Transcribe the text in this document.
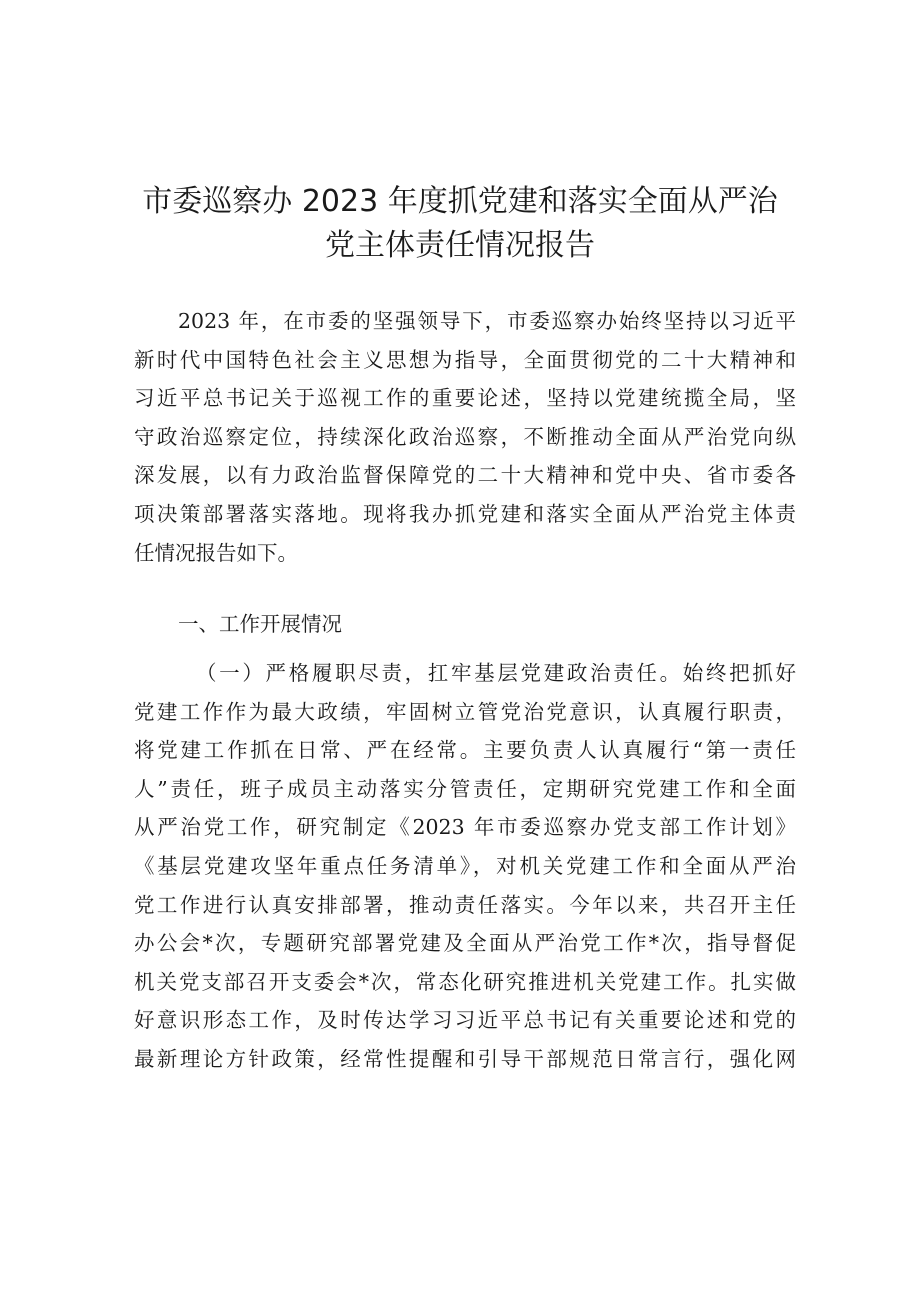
市委巡察办 2023 年度抓党建和落实全面从严治
党主体责任情况报告
2023 年，在市委的坚强领导下，市委巡察办始终坚持以习近平
新时代中国特色社会主义思想为指导，全面贯彻党的二十大精神和
习近平总书记关于巡视工作的重要论述，坚持以党建统揽全局，坚
守政治巡察定位，持续深化政治巡察，不断推动全面从严治党向纵
深发展，以有力政治监督保障党的二十大精神和党中央、省市委各
项决策部署落实落地。现将我办抓党建和落实全面从严治党主体责
任情况报告如下。
一、工作开展情况
（一）严格履职尽责，扛牢基层党建政治责任。始终把抓好
党建工作作为最大政绩，牢固树立管党治党意识，认真履行职责，
将党建工作抓在日常、严在经常。主要负责人认真履行“第一责任
人”责任，班子成员主动落实分管责任，定期研究党建工作和全面
从严治党工作，研究制定《2023 年市委巡察办党支部工作计划》
《基层党建攻坚年重点任务清单》，对机关党建工作和全面从严治
党工作进行认真安排部署，推动责任落实。今年以来，共召开主任
办公会*次，专题研究部署党建及全面从严治党工作*次，指导督促
机关党支部召开支委会*次，常态化研究推进机关党建工作。扎实做
好意识形态工作，及时传达学习习近平总书记有关重要论述和党的
最新理论方针政策，经常性提醒和引导干部规范日常言行，强化网
